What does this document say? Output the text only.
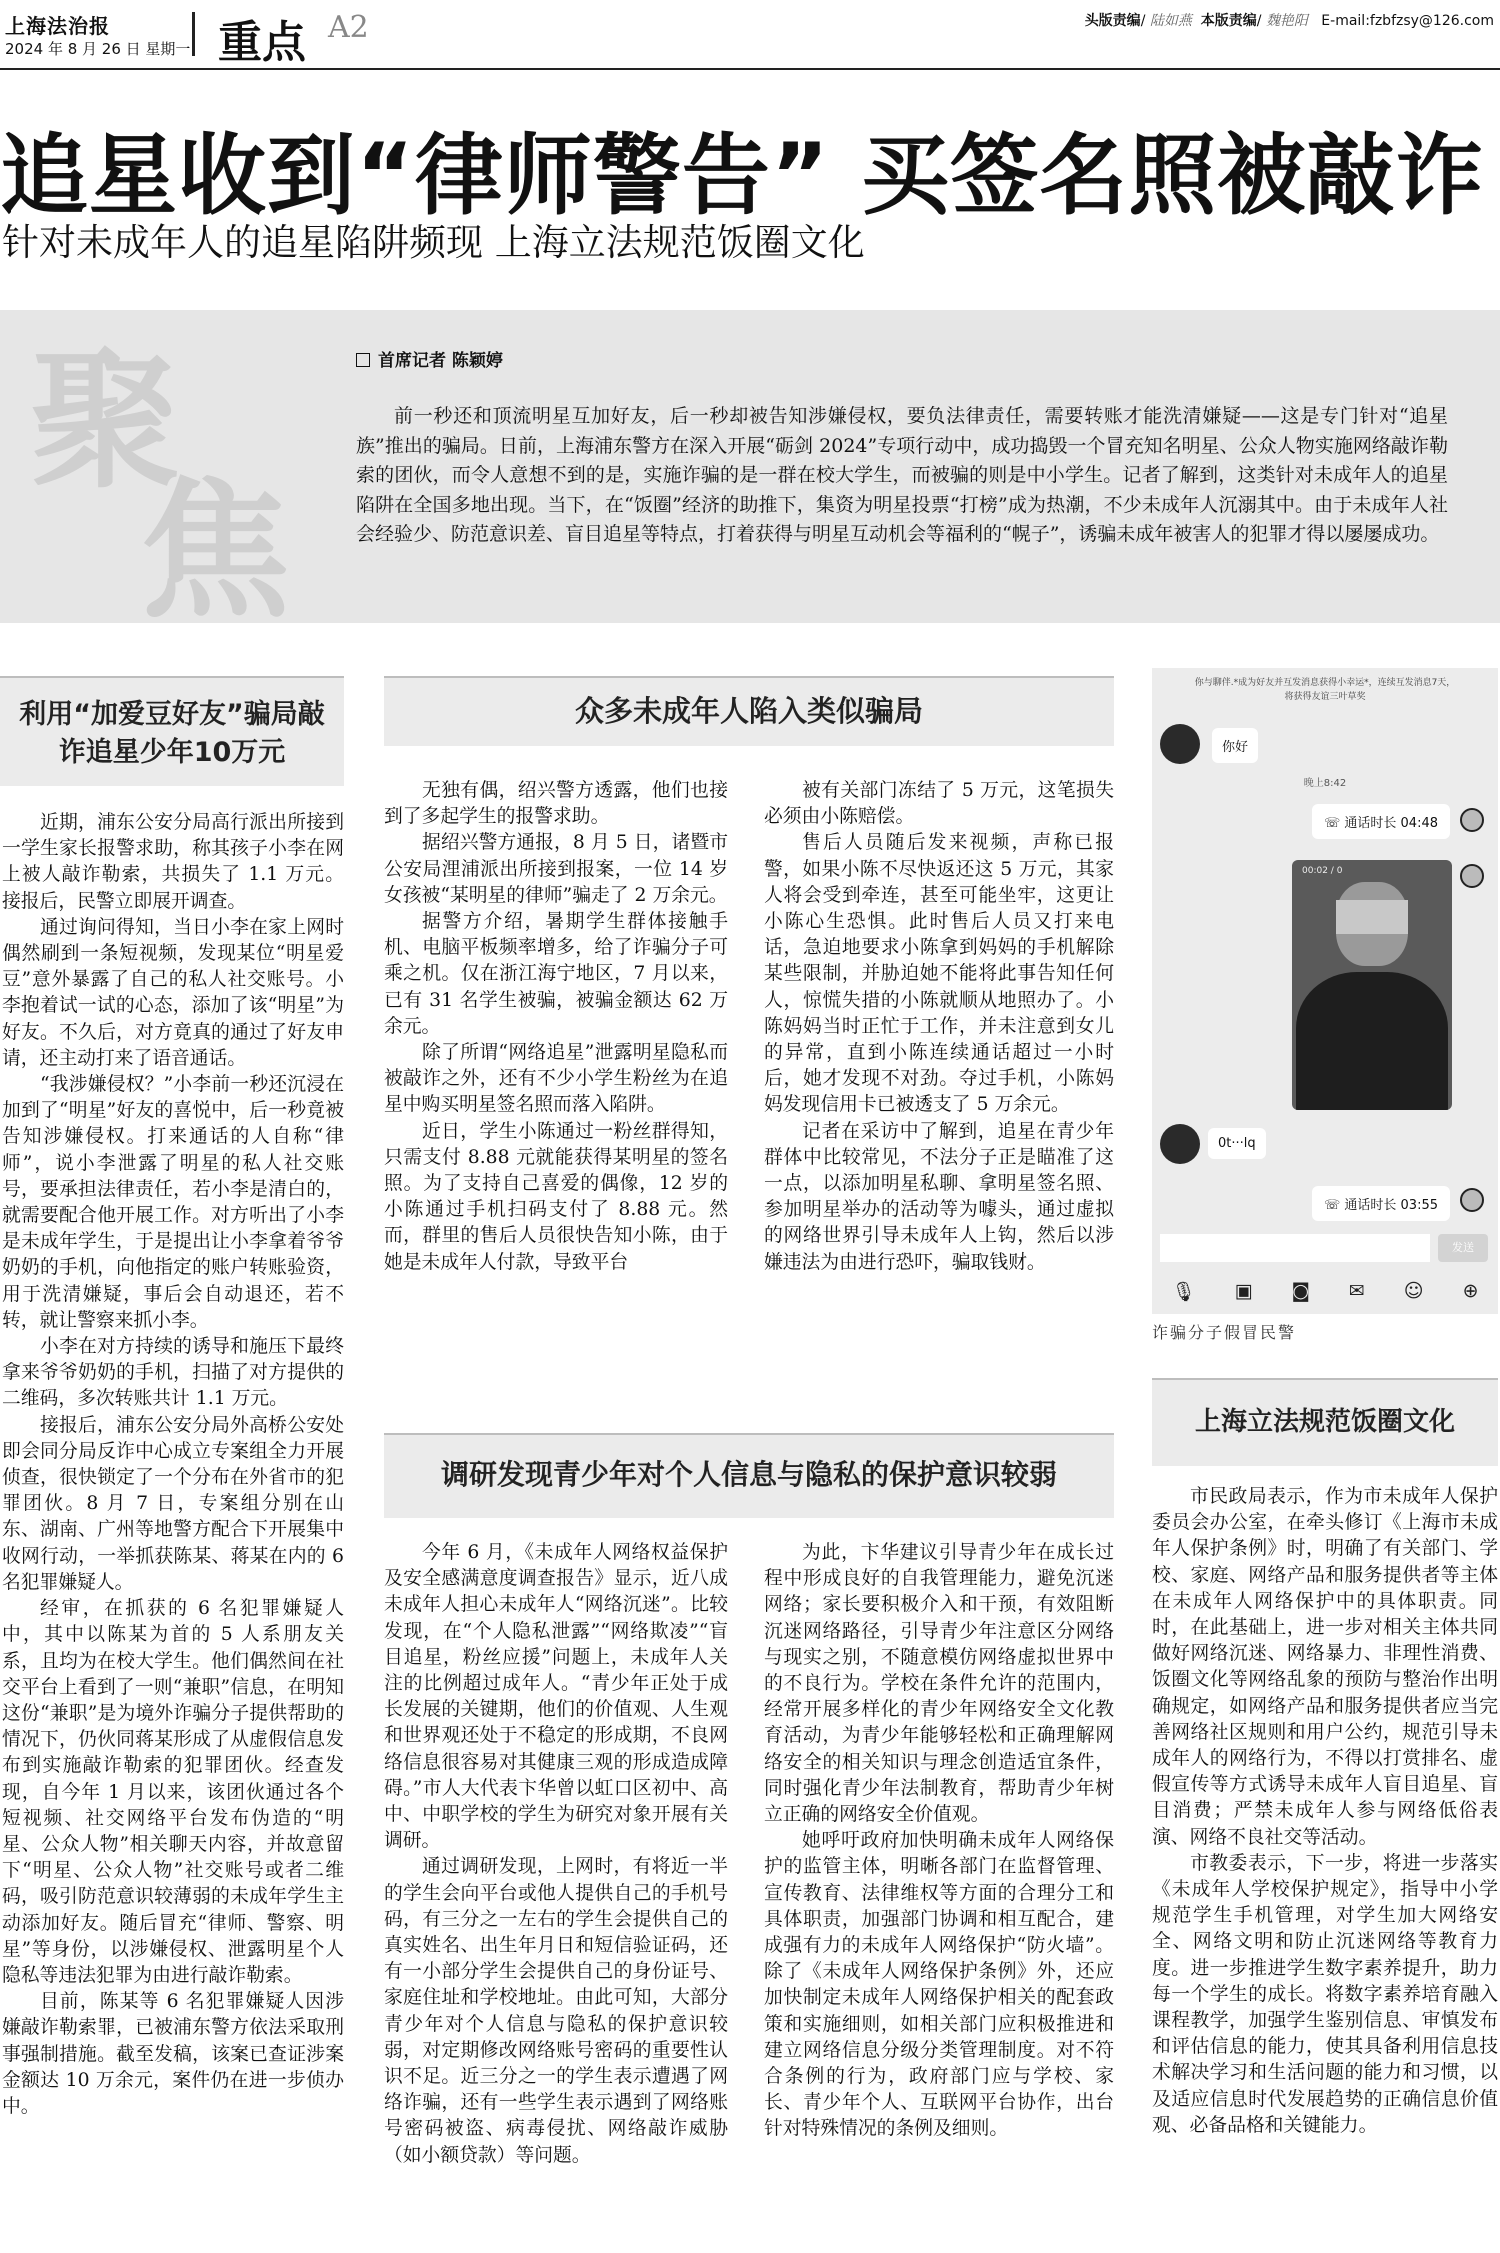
上海法治报
2024 年 8 月 26 日 星期一 重点 A2	头版责编/ 陆如燕 本版责编/ 魏艳阳 E-mail:fzbfzsy@126.com
追星收到“律师警告” 买签名照被敲诈
针对未成年人的追星陷阱频现 上海立法规范饭圈文化
聚
焦
首席记者 陈颖婷
前一秒还和顶流明星互加好友，后一秒却被告知涉嫌侵权，要负法律责任，需要转账才能洗清嫌疑——这是专门针对“追星族”推出的骗局。日前，上海浦东警方在深入开展“砺剑 2024”专项行动中，成功捣毁一个冒充知名明星、公众人物实施网络敲诈勒索的团伙，而令人意想不到的是，实施诈骗的是一群在校大学生，而被骗的则是中小学生。记者了解到，这类针对未成年人的追星陷阱在全国多地出现。当下，在“饭圈”经济的助推下，集资为明星投票“打榜”成为热潮，不少未成年人沉溺其中。由于未成年人社会经验少、防范意识差、盲目追星等特点，打着获得与明星互动机会等福利的“幌子”，诱骗未成年被害人的犯罪才得以屡屡成功。
利用“加爱豆好友”骗局敲诈追星少年10万元

近期，浦东公安分局高行派出所接到一学生家长报警求助，称其孩子小李在网上被人敲诈勒索，共损失了 1.1 万元。接报后，民警立即展开调查。

通过询问得知，当日小李在家上网时偶然刷到一条短视频，发现某位“明星爱豆”意外暴露了自己的私人社交账号。小李抱着试一试的心态，添加了该“明星”为好友。不久后，对方竟真的通过了好友申请，还主动打来了语音通话。

“我涉嫌侵权？”小李前一秒还沉浸在加到了“明星”好友的喜悦中，后一秒竟被告知涉嫌侵权。打来通话的人自称“律师”，说小李泄露了明星的私人社交账号，要承担法律责任，若小李是清白的，就需要配合他开展工作。对方听出了小李是未成年学生，于是提出让小李拿着爷爷奶奶的手机，向他指定的账户转账验资，用于洗清嫌疑，事后会自动退还，若不转，就让警察来抓小李。

小李在对方持续的诱导和施压下最终拿来爷爷奶奶的手机，扫描了对方提供的二维码，多次转账共计 1.1 万元。

接报后，浦东公安分局外高桥公安处即会同分局反诈中心成立专案组全力开展侦查，很快锁定了一个分布在外省市的犯罪团伙。8 月 7 日，专案组分别在山东、湖南、广州等地警方配合下开展集中收网行动，一举抓获陈某、蒋某在内的 6 名犯罪嫌疑人。

经审，在抓获的 6 名犯罪嫌疑人中，其中以陈某为首的 5 人系朋友关系，且均为在校大学生。他们偶然间在社交平台上看到了一则“兼职”信息，在明知这份“兼职”是为境外诈骗分子提供帮助的情况下，仍伙同蒋某形成了从虚假信息发布到实施敲诈勒索的犯罪团伙。经查发现，自今年 1 月以来，该团伙通过各个短视频、社交网络平台发布伪造的“明星、公众人物”相关聊天内容，并故意留下“明星、公众人物”社交账号或者二维码，吸引防范意识较薄弱的未成年学生主动添加好友。随后冒充“律师、警察、明星”等身份，以涉嫌侵权、泄露明星个人隐私等违法犯罪为由进行敲诈勒索。

目前，陈某等 6 名犯罪嫌疑人因涉嫌敲诈勒索罪，已被浦东警方依法采取刑事强制措施。截至发稿，该案已查证涉案金额达 10 万余元，案件仍在进一步侦办中。

众多未成年人陷入类似骗局

无独有偶，绍兴警方透露，他们也接到了多起学生的报警求助。

据绍兴警方通报，8 月 5 日，诸暨市公安局浬浦派出所接到报案，一位 14 岁女孩被“某明星的律师”骗走了 2 万余元。

据警方介绍，暑期学生群体接触手机、电脑平板频率增多，给了诈骗分子可乘之机。仅在浙江海宁地区，7 月以来，已有 31 名学生被骗，被骗金额达 62 万余元。

除了所谓“网络追星”泄露明星隐私而被敲诈之外，还有不少小学生粉丝为在追星中购买明星签名照而落入陷阱。

近日，学生小陈通过一粉丝群得知，只需支付 8.88 元就能获得某明星的签名照。为了支持自己喜爱的偶像，12 岁的小陈通过手机扫码支付了 8.88 元。然而，群里的售后人员很快告知小陈，由于她是未成年人付款，导致平台

被有关部门冻结了 5 万元，这笔损失必须由小陈赔偿。

售后人员随后发来视频，声称已报警，如果小陈不尽快返还这 5 万元，其家人将会受到牵连，甚至可能坐牢，这更让小陈心生恐惧。此时售后人员又打来电话，急迫地要求小陈拿到妈妈的手机解除某些限制，并胁迫她不能将此事告知任何人，惊慌失措的小陈就顺从地照办了。小陈妈妈当时正忙于工作，并未注意到女儿的异常，直到小陈连续通话超过一小时后，她才发现不对劲。夺过手机，小陈妈妈发现信用卡已被透支了 5 万余元。

记者在采访中了解到，追星在青少年群体中比较常见，不法分子正是瞄准了这一点，以添加明星私聊、拿明星签名照、参加明星举办的活动等为噱头，通过虚拟的网络世界引导未成年人上钩，然后以涉嫌违法为由进行恐吓，骗取钱财。

调研发现青少年对个人信息与隐私的保护意识较弱

今年 6 月，《未成年人网络权益保护及安全感满意度调查报告》显示，近八成未成年人担心未成年人“网络沉迷”。比较发现，在“个人隐私泄露”“网络欺凌”“盲目追星，粉丝应援”问题上，未成年人关注的比例超过成年人。“青少年正处于成长发展的关键期，他们的价值观、人生观和世界观还处于不稳定的形成期，不良网络信息很容易对其健康三观的形成造成障碍。”市人大代表卞华曾以虹口区初中、高中、中职学校的学生为研究对象开展有关调研。

通过调研发现，上网时，有将近一半的学生会向平台或他人提供自己的手机号码，有三分之一左右的学生会提供自己的真实姓名、出生年月日和短信验证码，还有一小部分学生会提供自己的身份证号、家庭住址和学校地址。由此可知，大部分青少年对个人信息与隐私的保护意识较弱，对定期修改网络账号密码的重要性认识不足。近三分之一的学生表示遭遇了网络诈骗，还有一些学生表示遇到了网络账号密码被盗、病毒侵扰、网络敲诈威胁（如小额贷款）等问题。

为此，卞华建议引导青少年在成长过程中形成良好的自我管理能力，避免沉迷网络；家长要积极介入和干预，有效阻断沉迷网络路径，引导青少年注意区分网络与现实之别，不随意模仿网络虚拟世界中的不良行为。学校在条件允许的范围内，经常开展多样化的青少年网络安全文化教育活动，为青少年能够轻松和正确理解网络安全的相关知识与理念创造适宜条件，同时强化青少年法制教育，帮助青少年树立正确的网络安全价值观。

她呼吁政府加快明确未成年人网络保护的监管主体，明晰各部门在监督管理、宣传教育、法律维权等方面的合理分工和具体职责，加强部门协调和相互配合，建成强有力的未成年人网络保护“防火墙”。除了《未成年人网络保护条例》外，还应加快制定未成年人网络保护相关的配套政策和实施细则，如相关部门应积极推进和建立网络信息分级分类管理制度。对不符合条例的行为，政府部门应与学校、家长、青少年个人、互联网平台协作，出台针对特殊情况的条例及细则。

你与聊伴.*成为好友并互发消息获得小幸运*，连续互发消息7天，
将获得友谊三叶草奖
你好
晚上8:42
☏ 通话时长 04:48
00:02 / 0
0t···lq
☏ 通话时长 03:55
发送
🎙 ▣ ◙ ✉ ☺ ⊕
诈骗分子假冒民警
上海立法规范饭圈文化

市民政局表示，作为市未成年人保护委员会办公室，在牵头修订《上海市未成年人保护条例》时，明确了有关部门、学校、家庭、网络产品和服务提供者等主体在未成年人网络保护中的具体职责。同时，在此基础上，进一步对相关主体共同做好网络沉迷、网络暴力、非理性消费、饭圈文化等网络乱象的预防与整治作出明确规定，如网络产品和服务提供者应当完善网络社区规则和用户公约，规范引导未成年人的网络行为，不得以打赏排名、虚假宣传等方式诱导未成年人盲目追星、盲目消费；严禁未成年人参与网络低俗表演、网络不良社交等活动。

市教委表示，下一步，将进一步落实《未成年人学校保护规定》，指导中小学规范学生手机管理，对学生加大网络安全、网络文明和防止沉迷网络等教育力度。进一步推进学生数字素养提升，助力每一个学生的成长。将数字素养培育融入课程教学，加强学生鉴别信息、审慎发布和评估信息的能力，使其具备利用信息技术解决学习和生活问题的能力和习惯，以及适应信息时代发展趋势的正确信息价值观、必备品格和关键能力。
